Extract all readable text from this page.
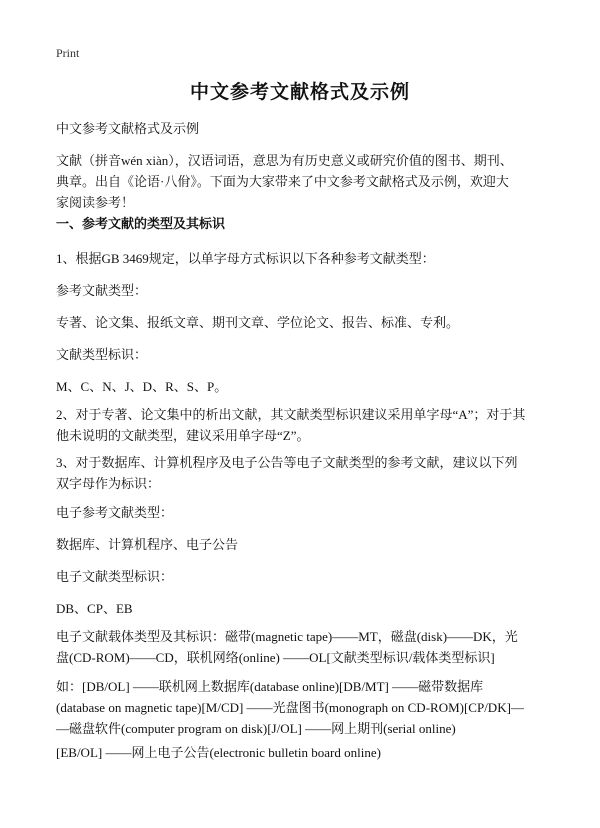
Print
中文参考文献格式及示例

中文参考文献格式及示例

文献（拼音wén xiàn），汉语词语，意思为有历史意义或研究价值的图书、期刊、
典章。出自《论语·八佾》。下面为大家带来了中文参考文献格式及示例，欢迎大
家阅读参考！

一、参考文献的类型及其标识

1、根据GB 3469规定，以单字母方式标识以下各种参考文献类型：

参考文献类型：

专著、论文集、报纸文章、期刊文章、学位论文、报告、标准、专利。

文献类型标识：

M、C、N、J、D、R、S、P。

2、对于专著、论文集中的析出文献，其文献类型标识建议采用单字母“A”；对于其
他未说明的文献类型，建议采用单字母“Z”。

3、对于数据库、计算机程序及电子公告等电子文献类型的参考文献，建议以下列
双字母作为标识：

电子参考文献类型：

数据库、计算机程序、电子公告

电子文献类型标识：

DB、CP、EB

电子文献载体类型及其标识：磁带(magnetic tape)——MT，磁盘(disk)——DK，光
盘(CD-ROM)——CD，联机网络(online) ——OL[文献类型标识/载体类型标识]

如：[DB/OL] ——联机网上数据库(database online)[DB/MT] ——磁带数据库
(database on magnetic tape)[M/CD] ——光盘图书(monograph on CD-ROM)[CP/DK]—
—磁盘软件(computer program on disk)[J/OL] ——网上期刊(serial online)

[EB/OL] ——网上电子公告(electronic bulletin board online)
